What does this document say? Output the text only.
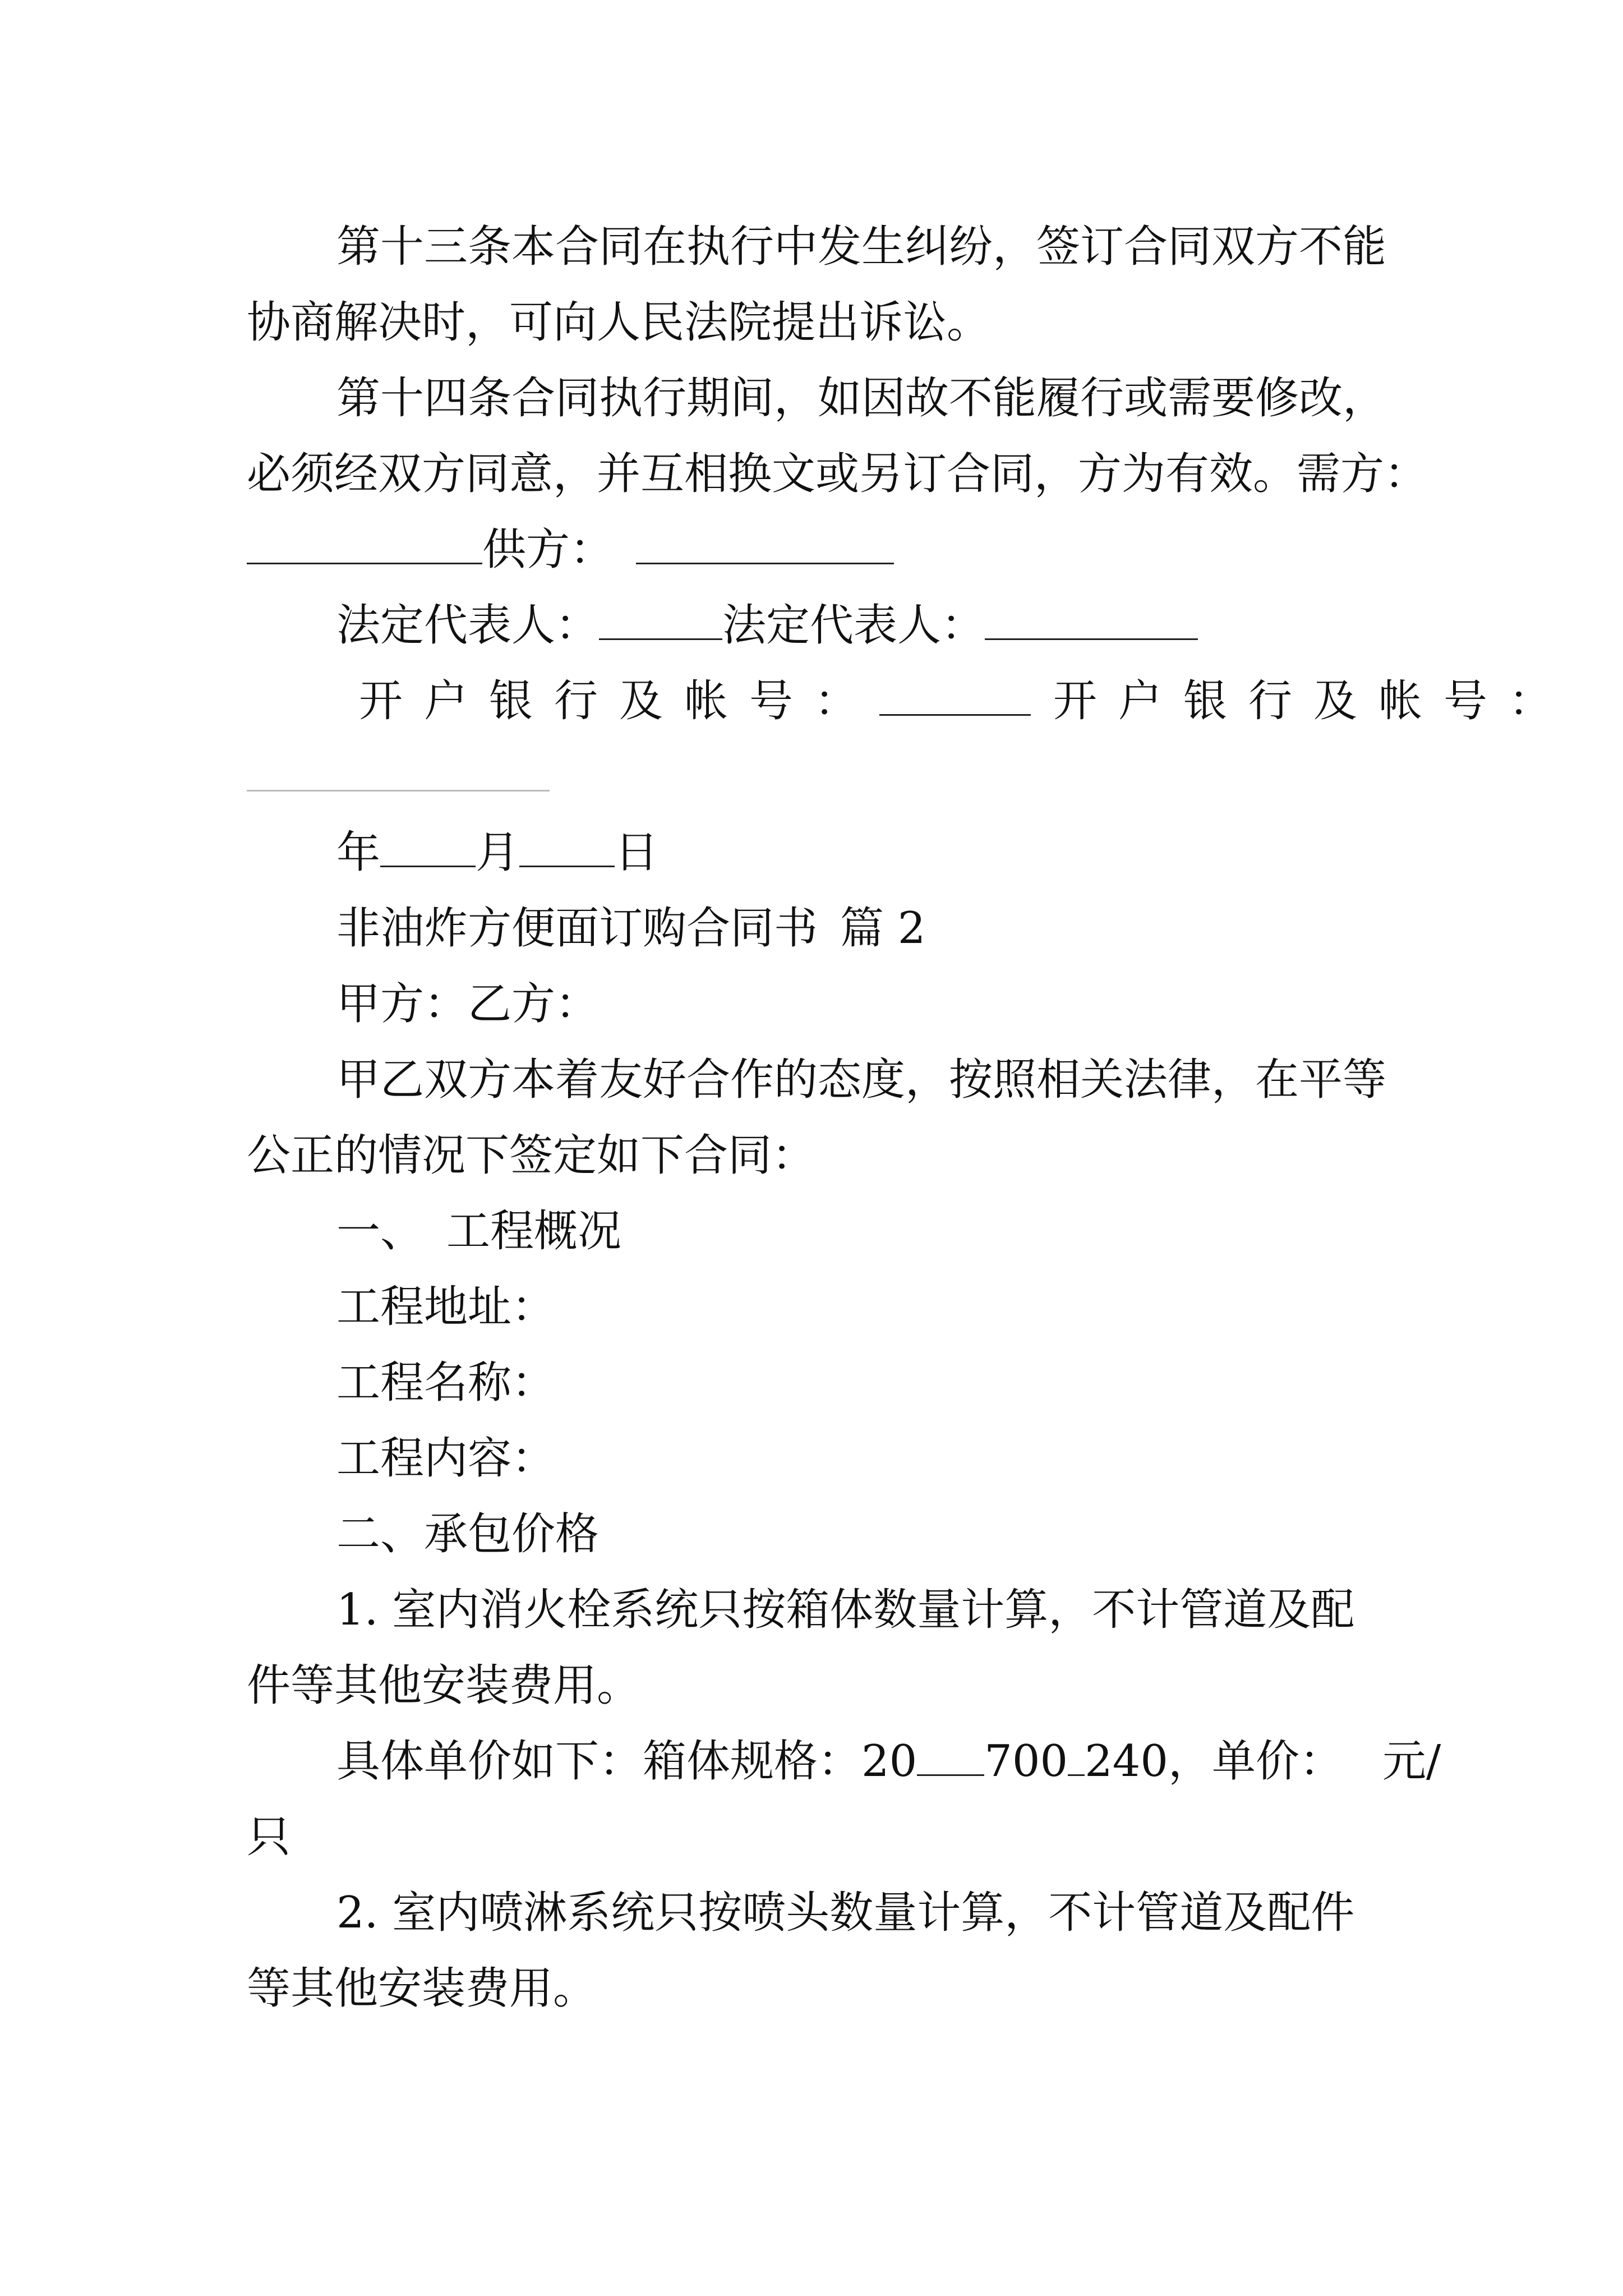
第十三条本合同在执行中发生纠纷，签订合同双方不能
协商解决时，可向人民法院提出诉讼。
第十四条合同执行期间，如因故不能履行或需要修改，
必须经双方同意，并互相换文或另订合同，方为有效。需方：
供方：
法定代表人：	法定代表人：
开户银行及帐号：	开户银行及帐号：
年 月 日
非油炸方便面订购合同书 篇 2
甲方：乙方：
甲乙双方本着友好合作的态度，按照相关法律，在平等
公正的情况下签定如下合同：
一、 工程概况
工程地址：
工程名称：
工程内容：
二、承包价格
1. 室内消火栓系统只按箱体数量计算，不计管道及配
件等其他安装费用。
具体单价如下：箱体规格：20 700 240，单价： 元/
只
2. 室内喷淋系统只按喷头数量计算，不计管道及配件
等其他安装费用。
